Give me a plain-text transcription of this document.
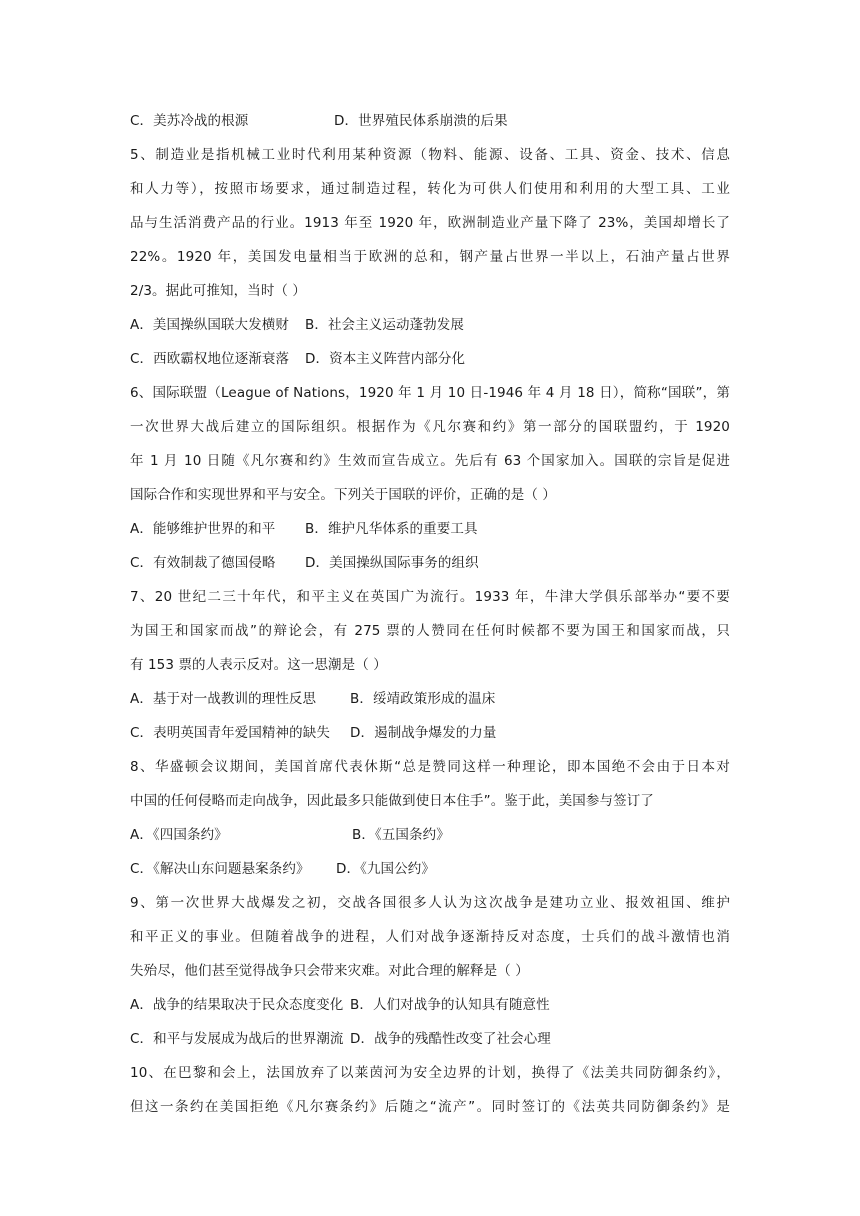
C．美苏冷战的根源	D．世界殖民体系崩溃的后果
5、制造业是指机械工业时代利用某种资源（物料、能源、设备、工具、资金、技术、信息
和人力等），按照市场要求，通过制造过程，转化为可供人们使用和利用的大型工具、工业
品与生活消费产品的行业。1913 年至 1920 年，欧洲制造业产量下降了 23%，美国却增长了
22%。1920 年，美国发电量相当于欧洲的总和，钢产量占世界一半以上，石油产量占世界
2/3。据此可推知，当时（ ）
A．美国操纵国联大发横财 B．社会主义运动蓬勃发展
C．西欧霸权地位逐渐衰落 D．资本主义阵营内部分化
6、国际联盟（League of Nations，1920 年 1 月 10 日-1946 年 4 月 18 日），简称“国联”，第
一次世界大战后建立的国际组织。根据作为《凡尔赛和约》第一部分的国联盟约，于 1920
年 1 月 10 日随《凡尔赛和约》生效而宣告成立。先后有 63 个国家加入。国联的宗旨是促进
国际合作和实现世界和平与安全。下列关于国联的评价，正确的是（ ）
A．能够维护世界的和平 B．维护凡华体系的重要工具
C．有效制裁了德国侵略 D．美国操纵国际事务的组织
7、20 世纪二三十年代，和平主义在英国广为流行。1933 年，牛津大学俱乐部举办“要不要
为国王和国家而战”的辩论会，有 275 票的人赞同在任何时候都不要为国王和国家而战，只
有 153 票的人表示反对。这一思潮是（ ）
A．基于对一战教训的理性反思	B．绥靖政策形成的温床
C．表明英国青年爱国精神的缺失 D．遏制战争爆发的力量
8、华盛顿会议期间，美国首席代表休斯“总是赞同这样一种理论，即本国绝不会由于日本对
中国的任何侵略而走向战争，因此最多只能做到使日本住手”。鉴于此，美国参与签订了
A．《四国条约》	B．《五国条约》
C．《解决山东问题悬案条约》 D．《九国公约》
9、第一次世界大战爆发之初，交战各国很多人认为这次战争是建功立业、报效祖国、维护
和平正义的事业。但随着战争的进程，人们对战争逐渐持反对态度，士兵们的战斗激情也消
失殆尽，他们甚至觉得战争只会带来灾难。对此合理的解释是（ ）
A．战争的结果取决于民众态度变化 B．人们对战争的认知具有随意性
C．和平与发展成为战后的世界潮流 D．战争的残酷性改变了社会心理
10、在巴黎和会上，法国放弃了以莱茵河为安全边界的计划，换得了《法美共同防御条约》，
但这一条约在美国拒绝《凡尔赛条约》后随之“流产”。同时签订的《法英共同防御条约》是
